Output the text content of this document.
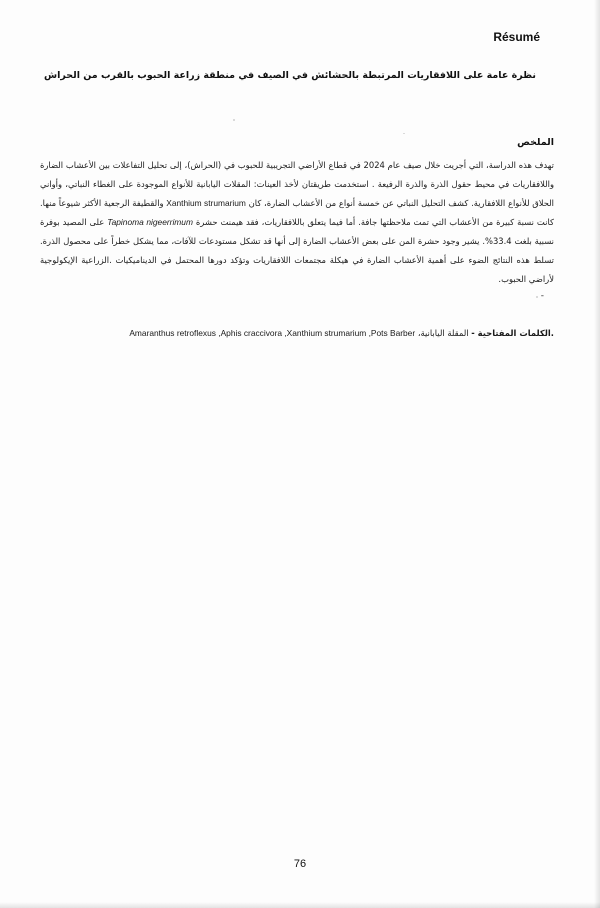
Résumé
نظرة عامة على اللافقاريات المرتبطة بالحشائش في الصيف في منطقة زراعة الحبوب بالقرب من الحراش
الملخص
تهدف هذه الدراسة، التي أجريت خلال صيف عام 2024 في قطاع الأراضي التجريبية للحبوب في (الحراش)، إلى تحليل التفاعلات بين الأعشاب الضارة واللافقاريات في محيط حقول الذرة والذرة الرفيعة . استخدمت طريقتان لأخذ العينات: المقلات اليابانية للأنواع الموجودة على الغطاء النباتي، وأواني الحلاق للأنواع اللافقارية. كشف التحليل النباتي عن خمسة أنواع من الأعشاب الضارة، كان Xanthium strumarium والقطيفة الرجعية الأكثر شيوعاً منها. كانت نسبة كبيرة من الأعشاب التي تمت ملاحظتها جافة. أما فيما يتعلق باللافقاريات، فقد هيمنت حشرة Tapinoma nigeerrimum على المصيد بوفرة نسبية بلغت 33.4%. يشير وجود حشرة المن على بعض الأعشاب الضارة إلى أنها قد تشكل مستودعات للآفات، مما يشكل خطراً على محصول الذرة. تسلط هذه النتائج الضوء على أهمية الأعشاب الضارة في هيكلة مجتمعات اللافقاريات وتؤكد دورها المحتمل في الديناميكيات .الزراعية الإيكولوجية لأراضي الحبوب.
-
.الكلمات المفتاحية - المقلة اليابانية، Amaranthus retroflexus ,Aphis craccivora ,Xanthium strumarium ,Pots Barber
76
